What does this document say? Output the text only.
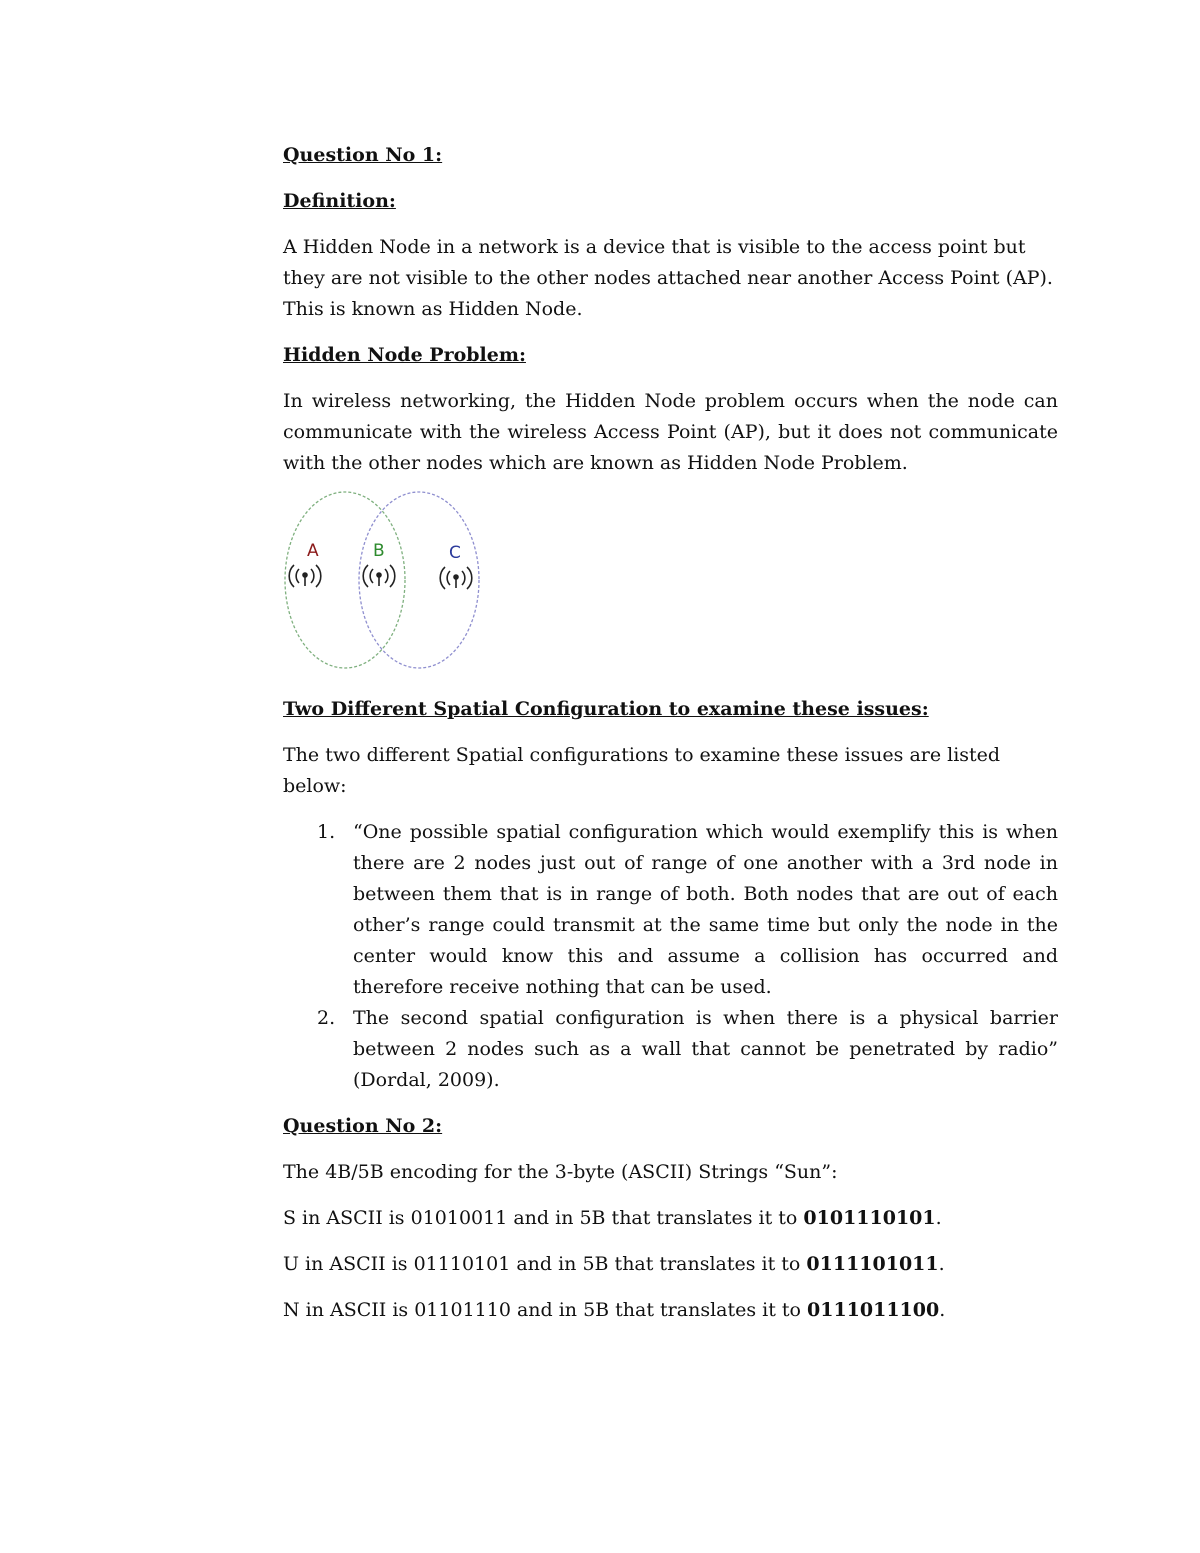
Question No 1:

Definition:

A Hidden Node in a network is a device that is visible to the access point but they are not visible to the other nodes attached near another Access Point (AP). This is known as Hidden Node.

Hidden Node Problem:

In wireless networking, the Hidden Node problem occurs when the node can communicate with the wireless Access Point (AP), but it does not communicate with the other nodes which are known as Hidden Node Problem.

A	B	C

Two Different Spatial Configuration to examine these issues:

The two different Spatial configurations to examine these issues are listed below:

1. “One possible spatial configuration which would exemplify this is when there are 2 nodes just out of range of one another with a 3rd node in between them that is in range of both. Both nodes that are out of each other’s range could transmit at the same time but only the node in the center would know this and assume a collision has occurred and therefore receive nothing that can be used.
2. The second spatial configuration is when there is a physical barrier between 2 nodes such as a wall that cannot be penetrated by radio” (Dordal, 2009).

Question No 2:

The 4B/5B encoding for the 3-byte (ASCII) Strings “Sun”:

S in ASCII is 01010011 and in 5B that translates it to 0101110101.

U in ASCII is 01110101 and in 5B that translates it to 0111101011.

N in ASCII is 01101110 and in 5B that translates it to 0111011100.
